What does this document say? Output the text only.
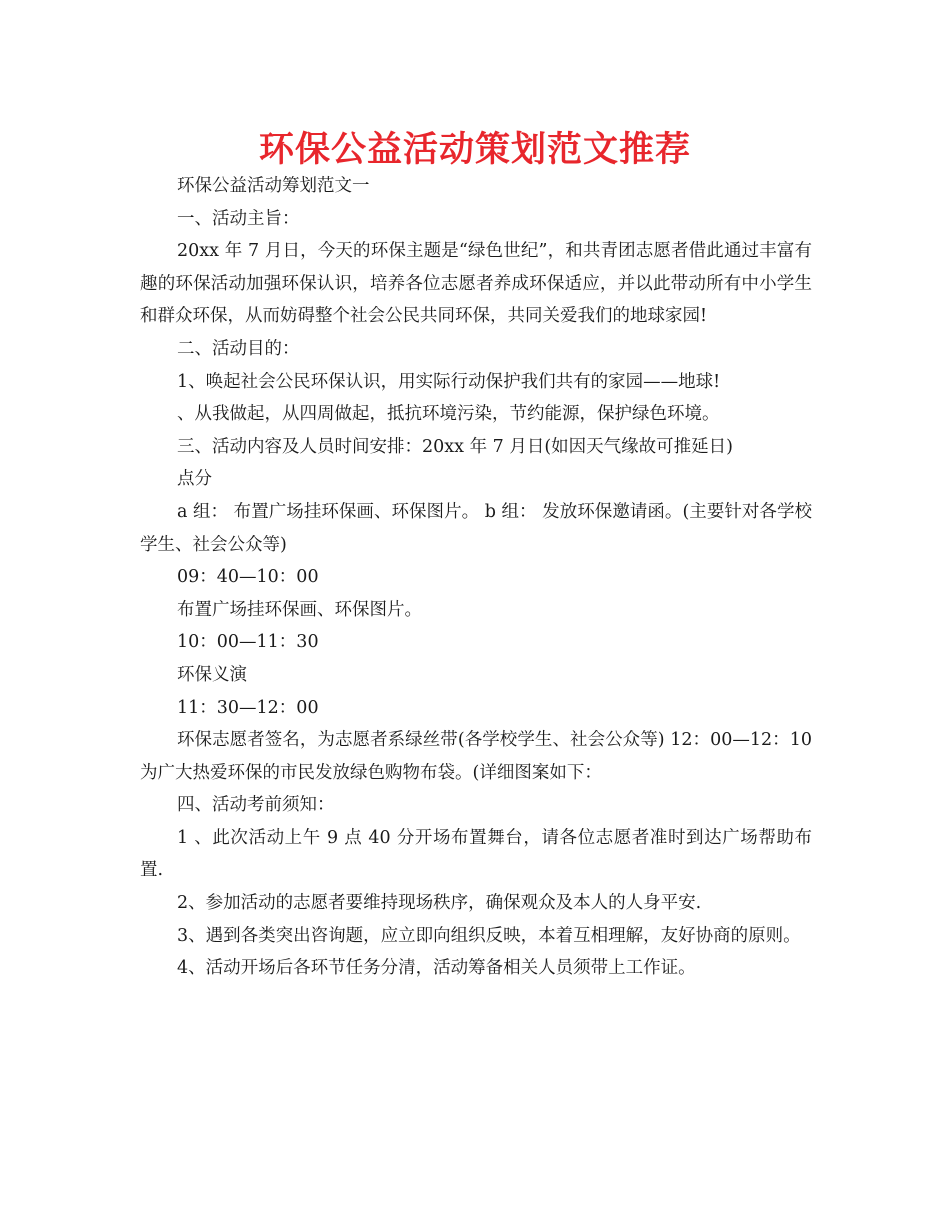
环保公益活动策划范文推荐

环保公益活动筹划范文一

一、活动主旨：

20xx 年 7 月日，今天的环保主题是“绿色世纪”，和共青团志愿者借此通过丰富有趣的环保活动加强环保认识，培养各位志愿者养成环保适应，并以此带动所有中小学生和群众环保，从而妨碍整个社会公民共同环保，共同关爱我们的地球家园!

二、活动目的：

1、唤起社会公民环保认识，用实际行动保护我们共有的家园——地球!

、从我做起，从四周做起，抵抗环境污染，节约能源，保护绿色环境。

三、活动内容及人员时间安排：20xx 年 7 月日(如因天气缘故可推延日)

点分

a 组： 布置广场挂环保画、环保图片。 b 组： 发放环保邀请函。(主要针对各学校学生、社会公众等)

09：40—10：00

布置广场挂环保画、环保图片。

10：00—11：30

环保义演

11：30—12：00

环保志愿者签名，为志愿者系绿丝带(各学校学生、社会公众等) 12：00—12：10 为广大热爱环保的市民发放绿色购物布袋。(详细图案如下：

四、活动考前须知：

1 、此次活动上午 9 点 40 分开场布置舞台，请各位志愿者准时到达广场帮助布置.

2、参加活动的志愿者要维持现场秩序，确保观众及本人的人身平安.

3、遇到各类突出咨询题，应立即向组织反映，本着互相理解，友好协商的原则。

4、活动开场后各环节任务分清，活动筹备相关人员须带上工作证。
